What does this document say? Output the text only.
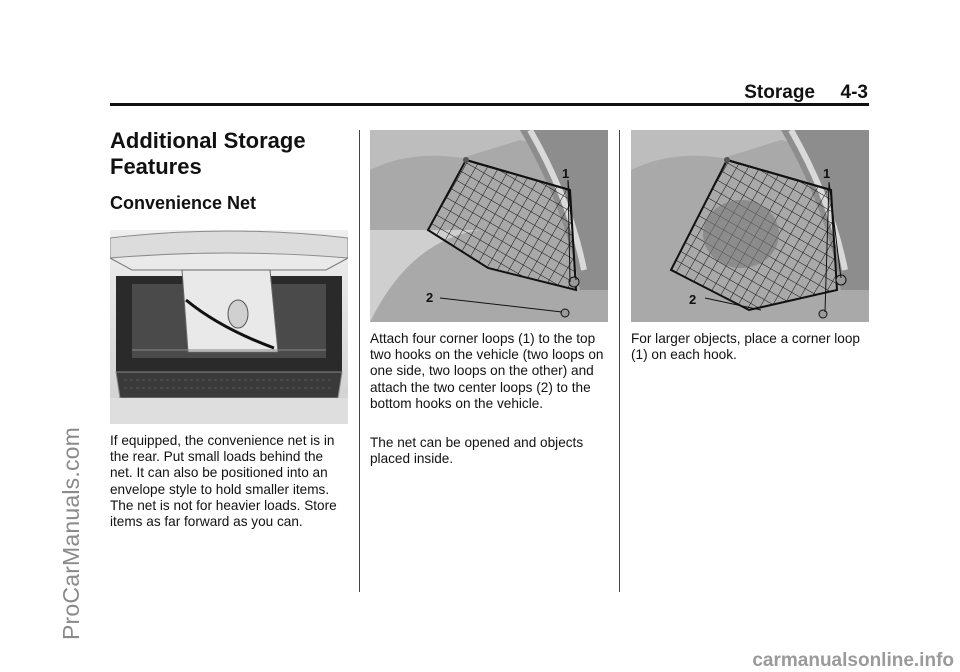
Storage 4-3
Additional Storage Features
Convenience Net

If equipped, the convenience net is in the rear. Put small loads behind the net. It can also be positioned into an envelope style to hold smaller items. The net is not for heavier loads. Store items as far forward as you can.

1
2

Attach four corner loops (1) to the top two hooks on the vehicle (two loops on one side, two loops on the other) and attach the two center loops (2) to the bottom hooks on the vehicle.

The net can be opened and objects placed inside.

1
2

For larger objects, place a corner loop (1) on each hook.

ProCarManuals.com
carmanualsonline.info
